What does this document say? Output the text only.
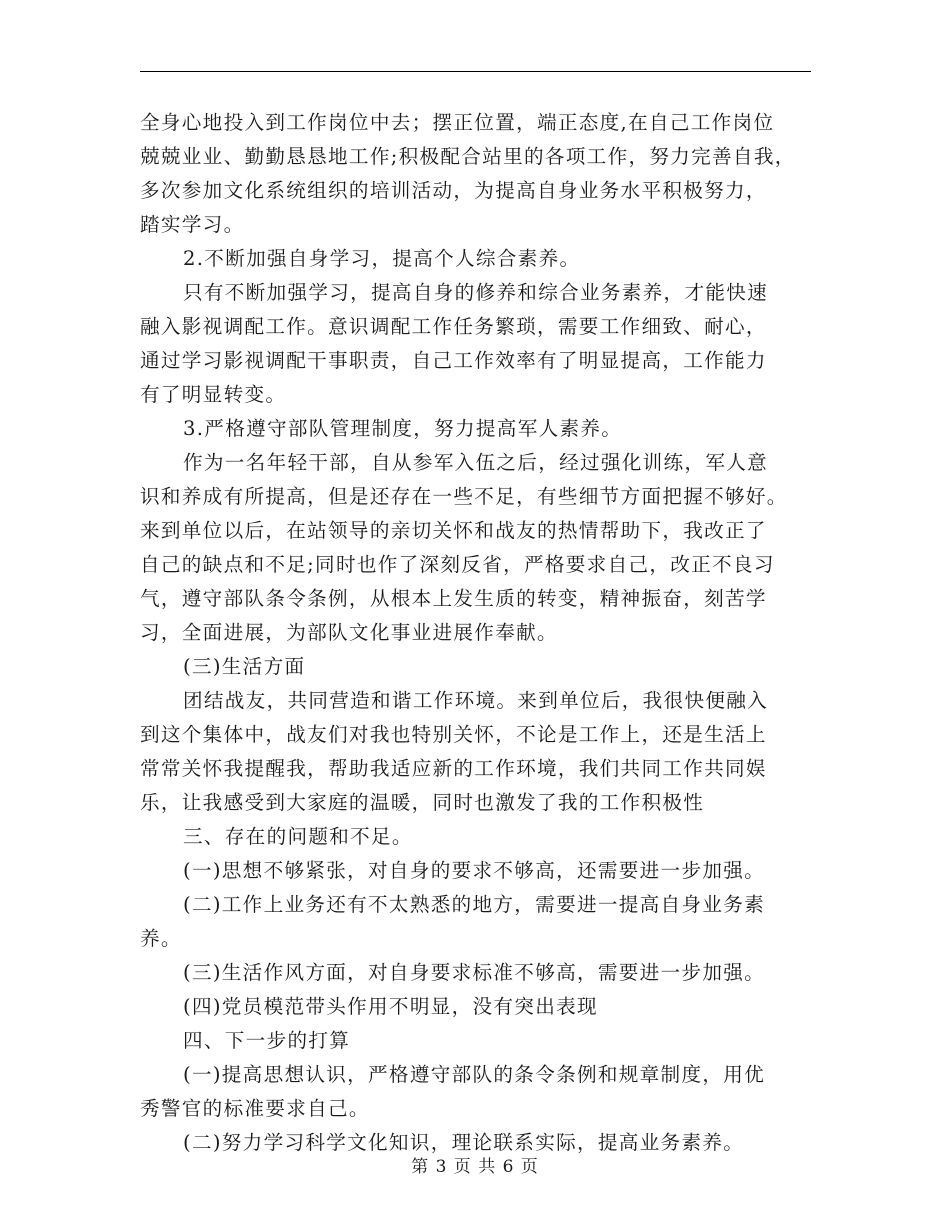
全身心地投入到工作岗位中去；摆正位置，端正态度,在自己工作岗位
兢兢业业、勤勤恳恳地工作;积极配合站里的各项工作，努力完善自我，
多次参加文化系统组织的培训活动，为提高自身业务水平积极努力，
踏实学习。
2.不断加强自身学习，提高个人综合素养。
只有不断加强学习，提高自身的修养和综合业务素养，才能快速
融入影视调配工作。意识调配工作任务繁琐，需要工作细致、耐心，
通过学习影视调配干事职责，自己工作效率有了明显提高，工作能力
有了明显转变。
3.严格遵守部队管理制度，努力提高军人素养。
作为一名年轻干部，自从参军入伍之后，经过强化训练，军人意
识和养成有所提高，但是还存在一些不足，有些细节方面把握不够好。
来到单位以后，在站领导的亲切关怀和战友的热情帮助下，我改正了
自己的缺点和不足;同时也作了深刻反省，严格要求自己，改正不良习
气，遵守部队条令条例，从根本上发生质的转变，精神振奋，刻苦学
习，全面进展，为部队文化事业进展作奉献。
(三)生活方面
团结战友，共同营造和谐工作环境。来到单位后，我很快便融入
到这个集体中，战友们对我也特别关怀，不论是工作上，还是生活上
常常关怀我提醒我，帮助我适应新的工作环境，我们共同工作共同娱
乐，让我感受到大家庭的温暖，同时也激发了我的工作积极性
三、存在的问题和不足。
(一)思想不够紧张，对自身的要求不够高，还需要进一步加强。
(二)工作上业务还有不太熟悉的地方，需要进一提高自身业务素
养。
(三)生活作风方面，对自身要求标准不够高，需要进一步加强。
(四)党员模范带头作用不明显，没有突出表现
四、下一步的打算
(一)提高思想认识，严格遵守部队的条令条例和规章制度，用优
秀警官的标准要求自己。
(二)努力学习科学文化知识，理论联系实际，提高业务素养。
第 3 页 共 6 页
